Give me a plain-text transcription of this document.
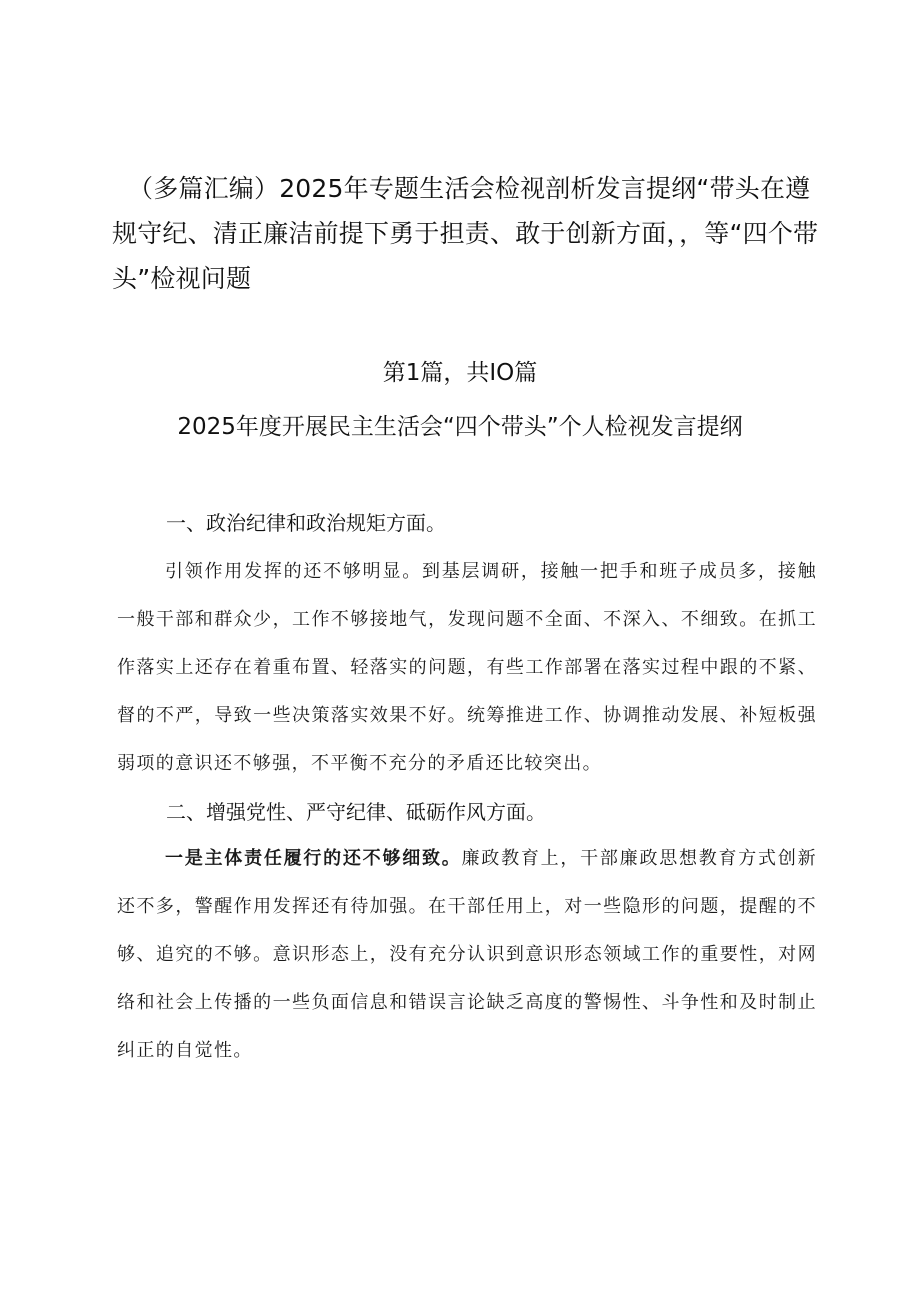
（多篇汇编）2025年专题生活会检视剖析发言提纲“带头在遵规守纪、清正廉洁前提下勇于担责、敢于创新方面，，等“四个带头”检视问题
第1篇，共IO篇
2025年度开展民主生活会“四个带头”个人检视发言提纲
一、政治纪律和政治规矩方面。

引领作用发挥的还不够明显。到基层调研，接触一把手和班子成员多，接触一般干部和群众少，工作不够接地气，发现问题不全面、不深入、不细致。在抓工作落实上还存在着重布置、轻落实的问题，有些工作部署在落实过程中跟的不紧、督的不严，导致一些决策落实效果不好。统筹推进工作、协调推动发展、补短板强弱项的意识还不够强，不平衡不充分的矛盾还比较突出。

二、增强党性、严守纪律、砥砺作风方面。

一是主体责任履行的还不够细致。廉政教育上，干部廉政思想教育方式创新还不多，警醒作用发挥还有待加强。在干部任用上，对一些隐形的问题，提醒的不够、追究的不够。意识形态上，没有充分认识到意识形态领域工作的重要性，对网络和社会上传播的一些负面信息和错误言论缺乏高度的警惕性、斗争性和及时制止纠正的自觉性。
